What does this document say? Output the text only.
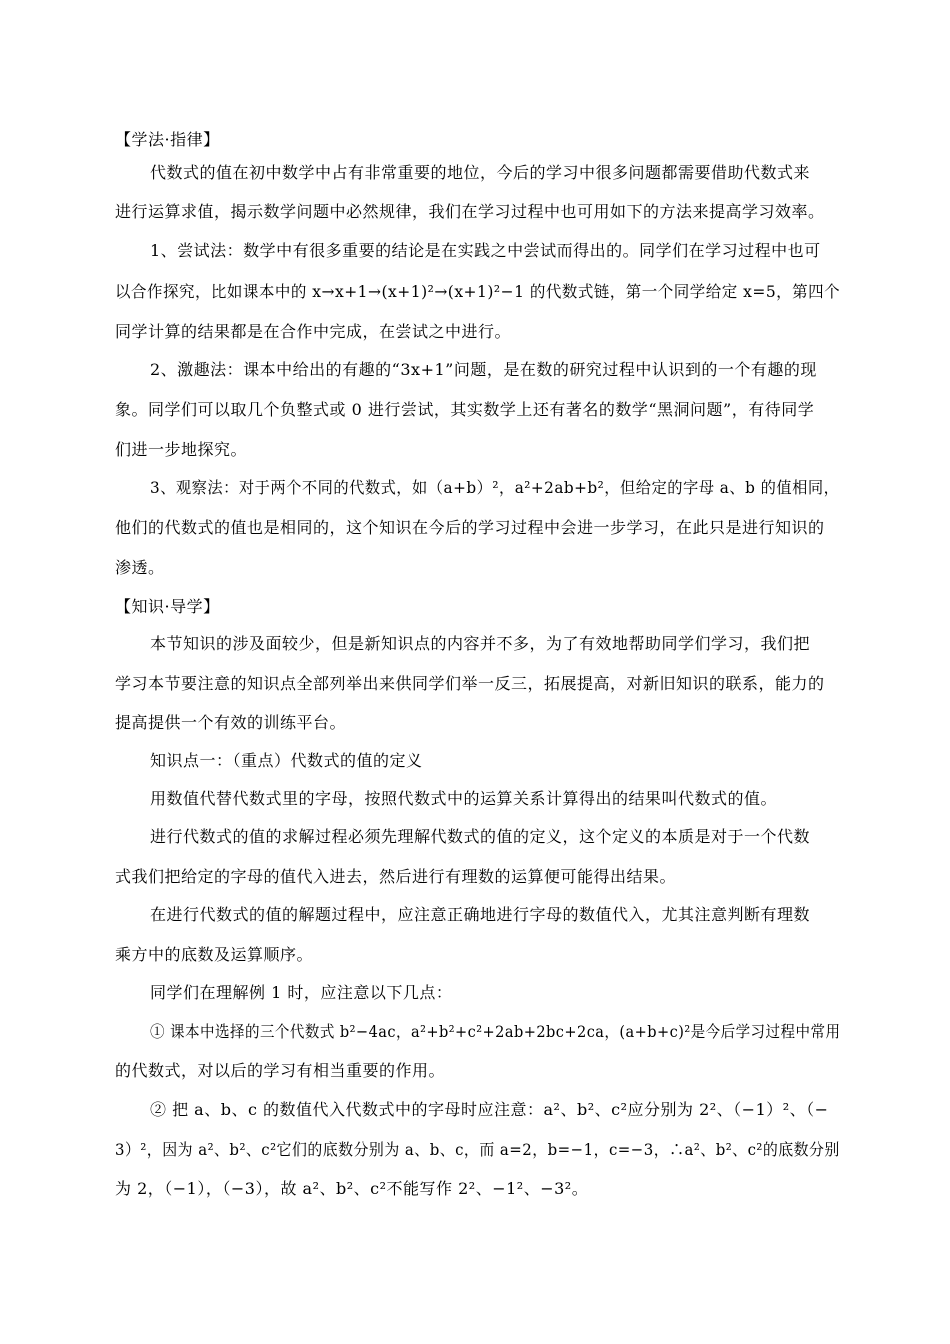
【学法·指律】
代数式的值在初中数学中占有非常重要的地位，今后的学习中很多问题都需要借助代数式来
进行运算求值，揭示数学问题中必然规律，我们在学习过程中也可用如下的方法来提高学习效率。
1、尝试法：数学中有很多重要的结论是在实践之中尝试而得出的。同学们在学习过程中也可
以合作探究，比如课本中的 x→x+1→(x+1)²→(x+1)²−1 的代数式链，第一个同学给定 x=5，第四个
同学计算的结果都是在合作中完成，在尝试之中进行。
2、激趣法：课本中给出的有趣的“3x+1”问题，是在数的研究过程中认识到的一个有趣的现
象。同学们可以取几个负整式或 0 进行尝试，其实数学上还有著名的数学“黑洞问题”，有待同学
们进一步地探究。
3、观察法：对于两个不同的代数式，如（a+b）²，a²+2ab+b²，但给定的字母 a、b 的值相同，
他们的代数式的值也是相同的，这个知识在今后的学习过程中会进一步学习，在此只是进行知识的
渗透。
【知识·导学】
本节知识的涉及面较少，但是新知识点的内容并不多，为了有效地帮助同学们学习，我们把
学习本节要注意的知识点全部列举出来供同学们举一反三，拓展提高，对新旧知识的联系，能力的
提高提供一个有效的训练平台。
知识点一：（重点）代数式的值的定义
用数值代替代数式里的字母，按照代数式中的运算关系计算得出的结果叫代数式的值。
进行代数式的值的求解过程必须先理解代数式的值的定义，这个定义的本质是对于一个代数
式我们把给定的字母的值代入进去，然后进行有理数的运算便可能得出结果。
在进行代数式的值的解题过程中，应注意正确地进行字母的数值代入，尤其注意判断有理数
乘方中的底数及运算顺序。
同学们在理解例 1 时，应注意以下几点：
① 课本中选择的三个代数式 b²−4ac，a²+b²+c²+2ab+2bc+2ca，(a+b+c)²是今后学习过程中常用
的代数式，对以后的学习有相当重要的作用。
② 把 a、b、c 的数值代入代数式中的字母时应注意：a²、b²、c²应分别为 2²、（−1）²、（−
3）²，因为 a²、b²、c²它们的底数分别为 a、b、c，而 a=2，b=−1，c=−3，∴a²、b²、c²的底数分别
为 2，（−1），（−3），故 a²、b²、c²不能写作 2²、−1²、−3²。
